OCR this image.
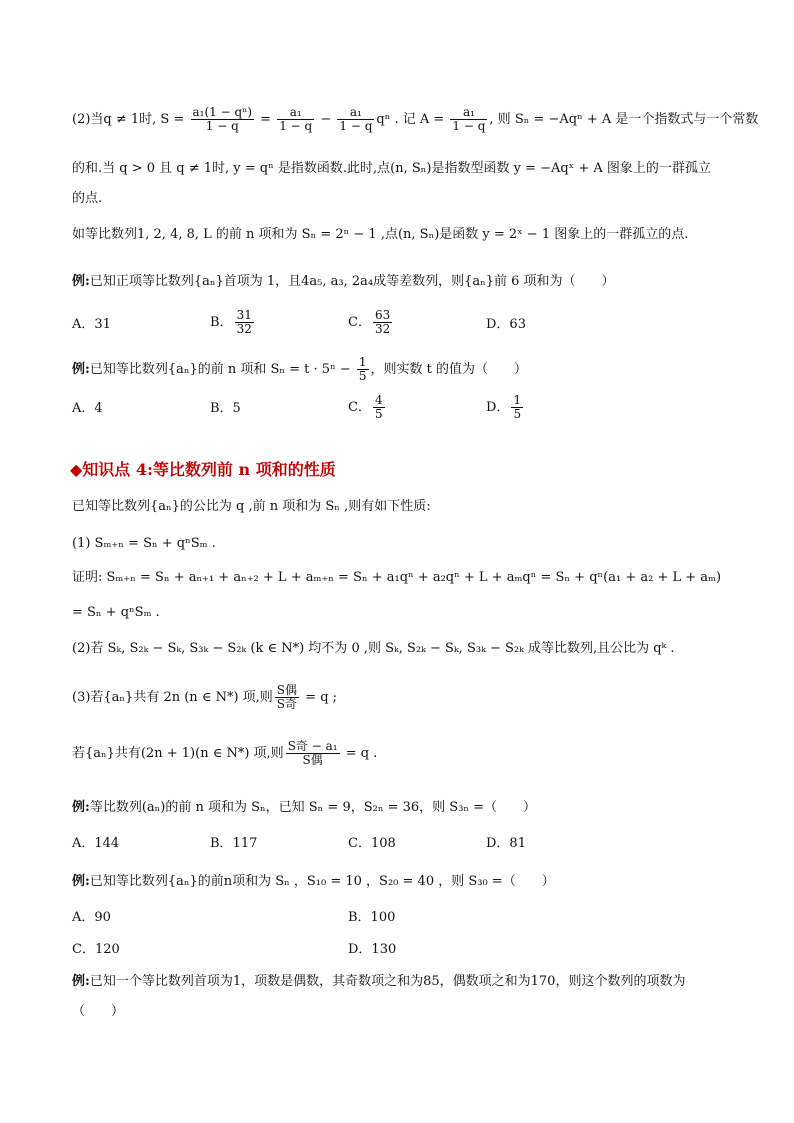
(2)当q ≠ 1时, $S = \frac{\text{a₁(1 − qⁿ)}}{1 - q} = \frac{\text{a₁}}{1 - q} - \frac{\text{a₁}}{1 - q}$ qⁿ . 记 $A = \frac{\text{a₁}}{1 - q}$ , 则 Sₙ = −Aqⁿ + A 是一个指数式与一个常数
的和.当 q > 0 且 q ≠ 1时, y = qⁿ 是指数函数.此时,点(n, Sₙ)是指数型函数 y = −Aqˣ + A 图象上的一群孤立
的点.
如等比数列1, 2, 4, 8, L 的前 n 项和为 Sₙ = 2ⁿ − 1 ,点(n, Sₙ)是函数 y = 2ˣ − 1 图象上的一群孤立的点.
例:已知正项等比数列{aₙ}首项为 1，且4a₅, a₃, 2a₄成等差数列，则{aₙ}前 6 项和为（　　）
A．31	B． $\frac{31}{32}$	C． $\frac{63}{32}$	D．63
例:已知等比数列{aₙ}的前 n 项和 $S_n = t \cdot 5^n - \frac{1}{5}$ ，则实数 t 的值为（　　）
A．4	B．5	C． $\frac{4}{5}$	D． $\frac{1}{5}$
◆知识点 4:等比数列前 n 项和的性质
已知等比数列{aₙ}的公比为 q ,前 n 项和为 Sₙ ,则有如下性质:
(1) Sₘ₊ₙ = Sₙ + qⁿSₘ .
证明: Sₘ₊ₙ = Sₙ + aₙ₊₁ + aₙ₊₂ + L + aₘ₊ₙ = Sₙ + a₁qⁿ + a₂qⁿ + L + aₘqⁿ = Sₙ + qⁿ(a₁ + a₂ + L + aₘ)
= Sₙ + qⁿSₘ .
(2)若 Sₖ, S₂ₖ − Sₖ, S₃ₖ − S₂ₖ (k ∈ N*) 均不为 0 ,则 Sₖ, S₂ₖ − Sₖ, S₃ₖ − S₂ₖ 成等比数列,且公比为 qᵏ .
(3)若{aₙ}共有 2n (n ∈ N*) 项,则 $\frac{\text{S偶}}{\text{S奇}} = q$ ;
若{aₙ}共有(2n + 1)(n ∈ N*) 项,则 $\frac{\text{S奇 − a₁}}{\text{S偶}} = q$ .
例:等比数列(aₙ)的前 n 项和为 Sₙ，已知 Sₙ = 9，S₂ₙ = 36，则 S₃ₙ =（　　）
A．144	B．117	C．108	D．81
例:已知等比数列{aₙ}的前n项和为 Sₙ ，S₁₀ = 10 ，S₂₀ = 40 ，则 S₃₀ =（　　）
A．90	B．100
C．120	D．130
例:已知一个等比数列首项为1，项数是偶数，其奇数项之和为85，偶数项之和为170，则这个数列的项数为
（　　）
